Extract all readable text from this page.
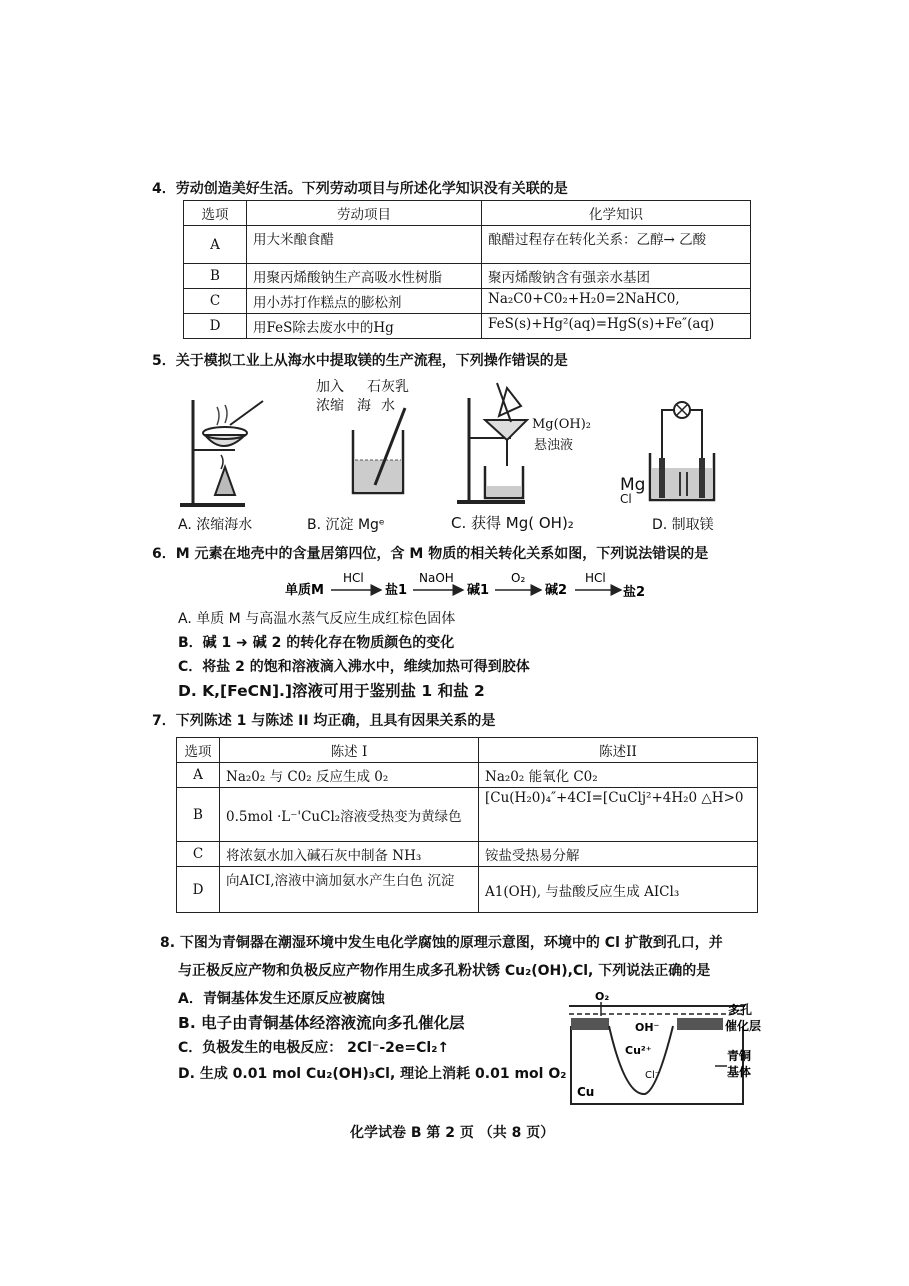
4．劳动创造美好生活。下列劳动项目与所述化学知识没有关联的是
选项	劳动项目	化学知识
A	用大米酿食醋	酿醋过程存在转化关系：乙醇→ 乙酸
B	用聚丙烯酸钠生产高吸水性树脂	聚丙烯酸钠含有强亲水基团
C	用小苏打作糕点的膨松剂	Na₂C0+C0₂+H₂0=2NaHC0,
D	用FeS除去废水中的Hg	FeS(s)+Hg²(aq)=HgS(s)+Fe″(aq)
5．关于模拟工业上从海水中提取镁的生产流程，下列操作错误的是
加入 石灰乳
浓缩 海 水
Mg(OH)₂
悬浊液
Mg
Cl
A. 浓缩海水	B. 沉淀 Mgᵉ	C. 获得 Mg( OH)₂	D. 制取镁
6．M 元素在地壳中的含量居第四位，含 M 物质的相关转化关系如图，下列说法错误的是
单质M
HCl
盐1
NaOH
碱1
O₂
碱2
HCl
盐2
A. 单质 M 与高温水蒸气反应生成红棕色固体
B．碱 1 ➜ 碱 2 的转化存在物质颜色的变化
C．将盐 2 的饱和溶液滴入沸水中，维续加热可得到胶体
D. K,[FeCN].]溶液可用于鉴别盐 1 和盐 2
7．下列陈述 1 与陈述 II 均正确，且具有因果关系的是
选项	陈述 I	陈述II
A	Na₂0₂ 与 C0₂ 反应生成 0₂	Na₂0₂ 能氧化 C0₂
B	0.5mol ·L⁻'CuCl₂溶液受热变为黄绿色	[Cu(H₂0)₄″+4CI=[CuClj²+4H₂0 △H>0
C	将浓氨水加入碱石灰中制备 NH₃	铵盐受热易分解
D	向AICI,溶液中滴加氨水产生白色 沉淀	A1(OH), 与盐酸反应生成 AICl₃
8. 下图为青铜器在潮湿环境中发生电化学腐蚀的原理示意图，环境中的 Cl 扩散到孔口，并
与正极反应产物和负极反应产物作用生成多孔粉状锈 Cu₂(OH),Cl, 下列说法正确的是
A．青铜基体发生还原反应被腐蚀
B. 电子由青铜基体经溶液流向多孔催化层
C．负极发生的电极反应： 2Cl⁻-2e=Cl₂↑
D. 生成 0.01 mol Cu₂(OH)₃Cl, 理论上消耗 0.01 mol O₂
O₂
OH⁻
Cu²⁺
Cl⁻
Cu
多孔
催化层
青铜
基体
化学试卷 B 第 2 页 （共 8 页）
